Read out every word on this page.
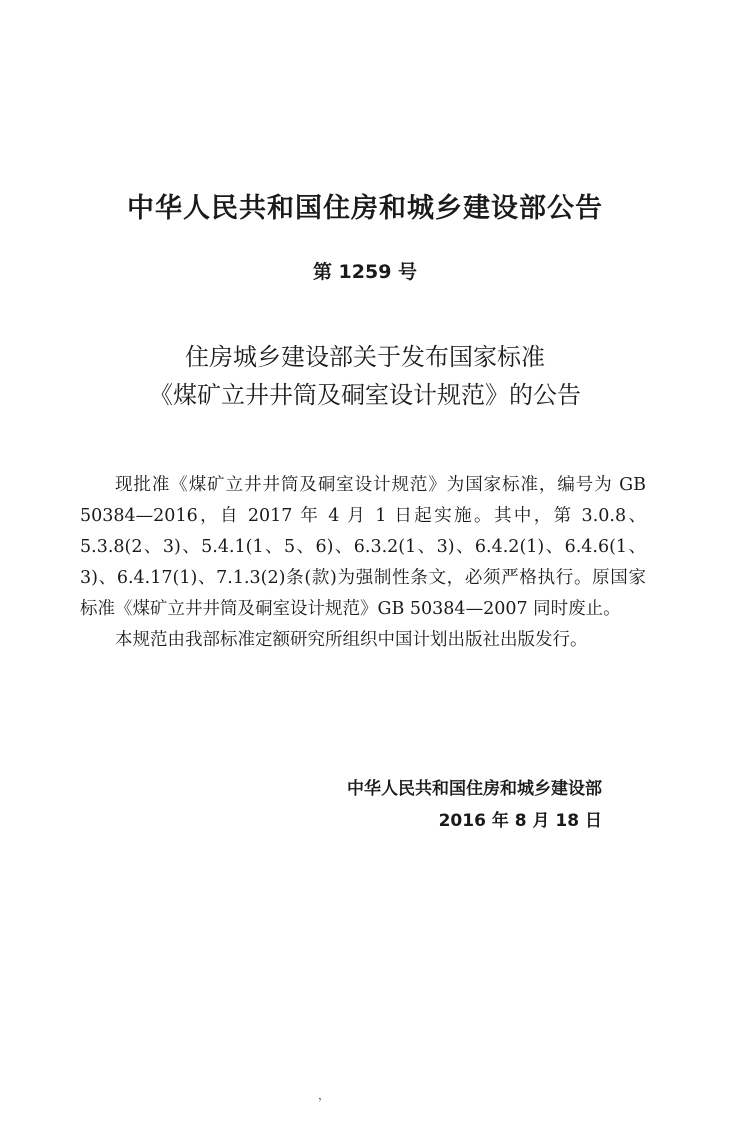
中华人民共和国住房和城乡建设部公告
第 1259 号
住房城乡建设部关于发布国家标准
《煤矿立井井筒及硐室设计规范》的公告

现批准《煤矿立井井筒及硐室设计规范》为国家标准，编号为 GB 50384—2016，自 2017 年 4 月 1 日起实施。其中，第 3.0.8、5.3.8(2、3)、5.4.1(1、5、6)、6.3.2(1、3)、6.4.2(1)、6.4.6(1、3)、6.4.17(1)、7.1.3(2)条(款)为强制性条文，必须严格执行。原国家标准《煤矿立井井筒及硐室设计规范》GB 50384—2007 同时废止。

本规范由我部标准定额研究所组织中国计划出版社出版发行。

中华人民共和国住房和城乡建设部
2016 年 8 月 18 日
，
